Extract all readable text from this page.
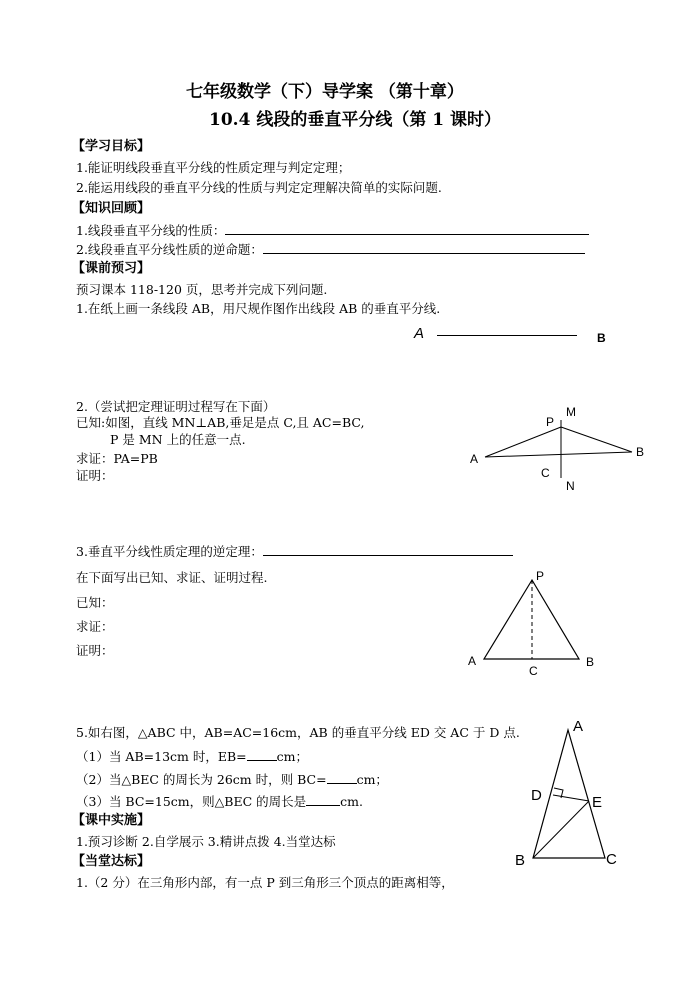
七年级数学（下）导学案 （第十章）
10.4 线段的垂直平分线（第 1 课时）
【学习目标】
1.能证明线段垂直平分线的性质定理与判定定理；
2.能运用线段的垂直平分线的性质与判定定理解决简单的实际问题.
【知识回顾】
1.线段垂直平分线的性质：
2.线段垂直平分线性质的逆命题：
【课前预习】
预习课本 118-120 页，思考并完成下列问题.
1.在纸上画一条线段 AB，用尺规作图作出线段 AB 的垂直平分线.
A	B
2.（尝试把定理证明过程写在下面）
已知:如图，直线 MN⊥AB,垂足是点 C,且 AC=BC,
P 是 MN 上的任意一点.
求证：PA=PB
证明：
P
M
A	B
C
N
3.垂直平分线性质定理的逆定理：
在下面写出已知、求证、证明过程.
已知：
求证：
证明：
P
A
C
B
5.如右图，△ABC 中，AB=AC=16cm，AB 的垂直平分线 ED 交 AC 于 D 点.
（1）当 AB=13cm 时，EB= cm；
（2）当△BEC 的周长为 26cm 时，则 BC= cm；
（3）当 BC=15cm，则△BEC 的周长是	cm.
A
D	E
B	C
【课中实施】
1.预习诊断 2.自学展示 3.精讲点拨 4.当堂达标
【当堂达标】
1.（2 分）在三角形内部，有一点 P 到三角形三个顶点的距离相等，
